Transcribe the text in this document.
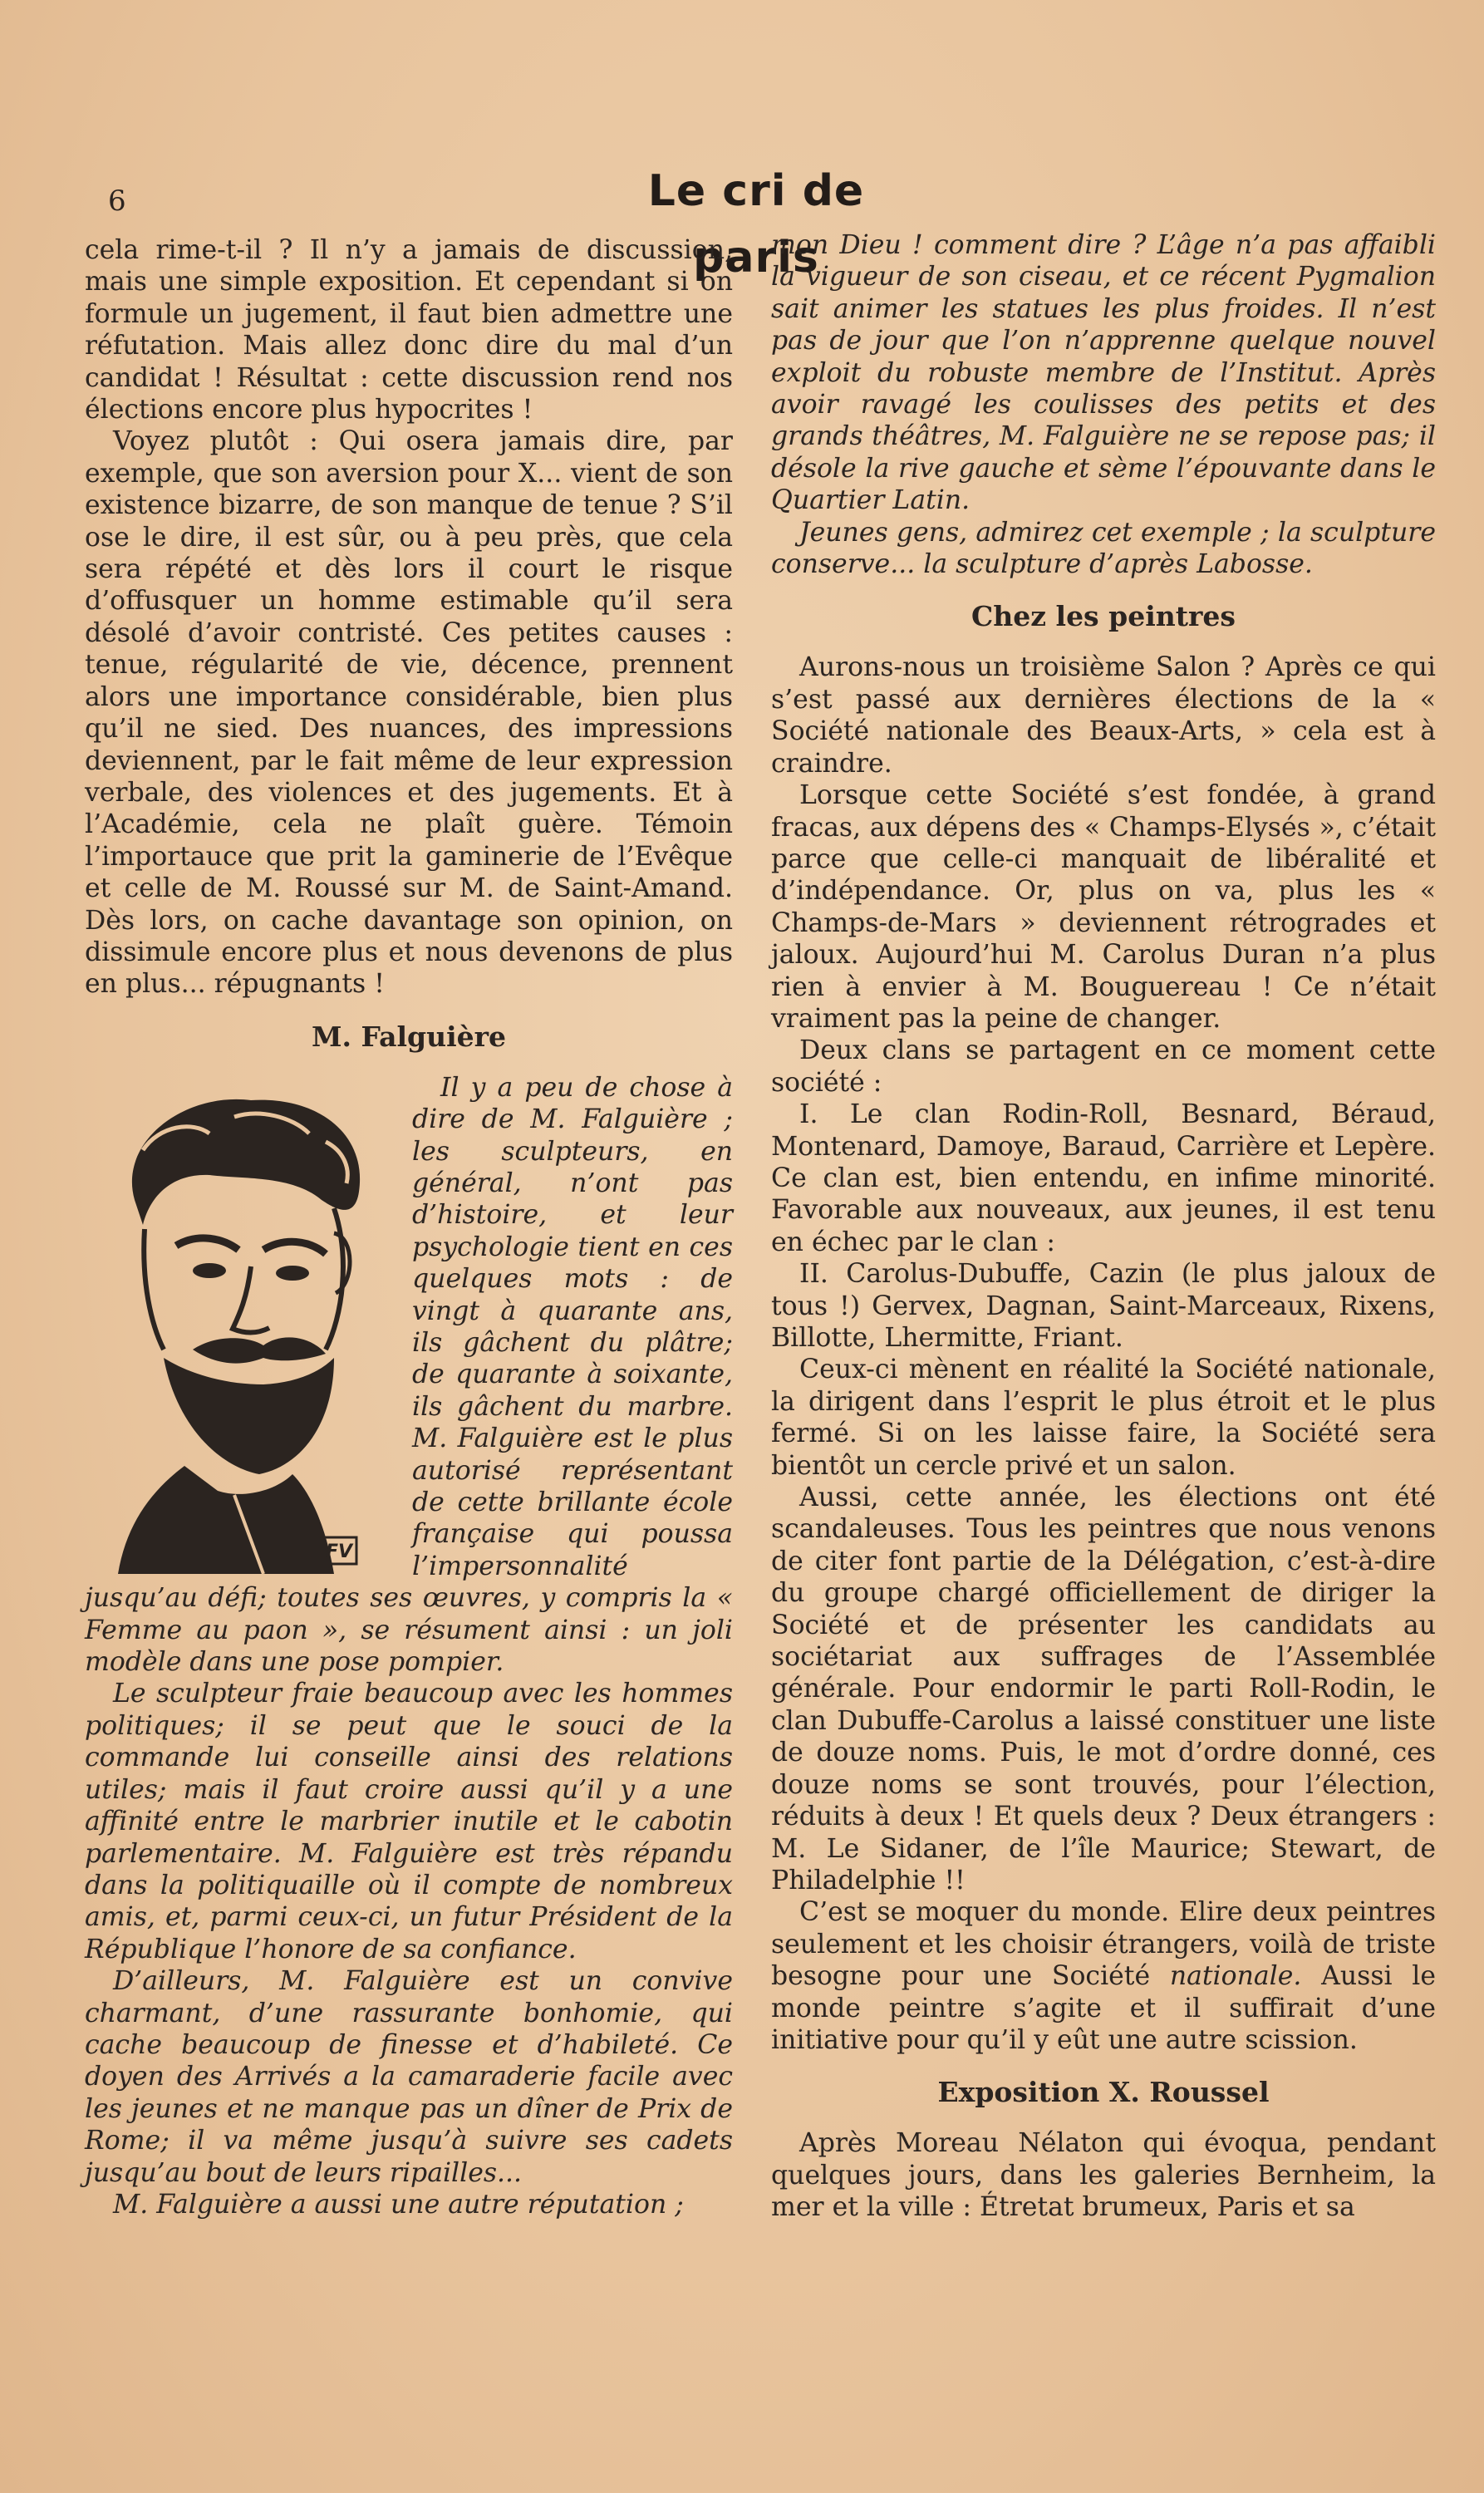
6	Le cri de paris

cela rime-t-il ? Il n’y a jamais de discussion, mais une simple exposition. Et cependant si on formule un jugement, il faut bien admettre une réfutation. Mais allez donc dire du mal d’un candidat ! Résultat : cette discussion rend nos élections encore plus hypocrites !

Voyez plutôt : Qui osera jamais dire, par exemple, que son aversion pour X... vient de son existence bizarre, de son manque de tenue ? S’il ose le dire, il est sûr, ou à peu près, que cela sera répété et dès lors il court le risque d’offusquer un homme estimable qu’il sera désolé d’avoir contristé. Ces petites causes : tenue, régularité de vie, décence, prennent alors une importance considérable, bien plus qu’il ne sied. Des nuances, des impressions deviennent, par le fait même de leur expression verbale, des violences et des jugements. Et à l’Académie, cela ne plaît guère. Témoin l’importauce que prit la gaminerie de l’Evêque et celle de M. Roussé sur M. de Saint-Amand. Dès lors, on cache davantage son opinion, on dissimule encore plus et nous devenons de plus en plus... répugnants !

M. Falguière

FV
Il y a peu de chose à dire de M. Falguière ; les sculpteurs, en général, n’ont pas d’histoire, et leur psychologie tient en ces quelques mots : de vingt à quarante ans, ils gâchent du plâtre; de quarante à soixante, ils gâchent du marbre. M. Falguière est le plus autorisé représentant de cette brillante école française qui poussa l’impersonnalité jusqu’au défi; toutes ses œuvres, y compris la « Femme au paon », se résument ainsi : un joli modèle dans une pose pompier.

Le sculpteur fraie beaucoup avec les hommes politiques; il se peut que le souci de la commande lui conseille ainsi des relations utiles; mais il faut croire aussi qu’il y a une affinité entre le marbrier inutile et le cabotin parlementaire. M. Falguière est très répandu dans la politiquaille où il compte de nombreux amis, et, parmi ceux-ci, un futur Président de la République l’honore de sa confiance.

D’ailleurs, M. Falguière est un convive charmant, d’une rassurante bonhomie, qui cache beaucoup de finesse et d’habileté. Ce doyen des Arrivés a la camaraderie facile avec les jeunes et ne manque pas un dîner de Prix de Rome; il va même jusqu’à suivre ses cadets jusqu’au bout de leurs ripailles...

M. Falguière a aussi une autre réputation ;

mon Dieu ! comment dire ? L’âge n’a pas affaibli la vigueur de son ciseau, et ce récent Pygmalion sait animer les statues les plus froides. Il n’est pas de jour que l’on n’apprenne quelque nouvel exploit du robuste membre de l’Institut. Après avoir ravagé les coulisses des petits et des grands théâtres, M. Falguière ne se repose pas; il désole la rive gauche et sème l’épouvante dans le Quartier Latin.

Jeunes gens, admirez cet exemple ; la sculpture conserve... la sculpture d’après Labosse.

Chez les peintres

Aurons-nous un troisième Salon ? Après ce qui s’est passé aux dernières élections de la « Société nationale des Beaux-Arts, » cela est à craindre.

Lorsque cette Société s’est fondée, à grand fracas, aux dépens des « Champs-Elysés », c’était parce que celle-ci manquait de libéralité et d’indépendance. Or, plus on va, plus les « Champs-de-Mars » deviennent rétrogrades et jaloux. Aujourd’hui M. Carolus Duran n’a plus rien à envier à M. Bouguereau ! Ce n’était vraiment pas la peine de changer.

Deux clans se partagent en ce moment cette société :

I. Le clan Rodin-Roll, Besnard, Béraud, Montenard, Damoye, Baraud, Carrière et Lepère. Ce clan est, bien entendu, en infime minorité. Favorable aux nouveaux, aux jeunes, il est tenu en échec par le clan :

II. Carolus-Dubuffe, Cazin (le plus jaloux de tous !) Gervex, Dagnan, Saint-Marceaux, Rixens, Billotte, Lhermitte, Friant.

Ceux-ci mènent en réalité la Société nationale, la dirigent dans l’esprit le plus étroit et le plus fermé. Si on les laisse faire, la Société sera bientôt un cercle privé et un salon.

Aussi, cette année, les élections ont été scandaleuses. Tous les peintres que nous venons de citer font partie de la Délégation, c’est-à-dire du groupe chargé officiellement de diriger la Société et de présenter les candidats au sociétariat aux suffrages de l’Assemblée générale. Pour endormir le parti Roll-Rodin, le clan Dubuffe-Carolus a laissé constituer une liste de douze noms. Puis, le mot d’ordre donné, ces douze noms se sont trouvés, pour l’élection, réduits à deux ! Et quels deux ? Deux étrangers : M. Le Sidaner, de l’île Maurice; Stewart, de Philadelphie !!

C’est se moquer du monde. Elire deux peintres seulement et les choisir étrangers, voilà de triste besogne pour une Société nationale. Aussi le monde peintre s’agite et il suffirait d’une initiative pour qu’il y eût une autre scission.

Exposition X. Roussel

Après Moreau Nélaton qui évoqua, pendant quelques jours, dans les galeries Bernheim, la mer et la ville : Étretat brumeux, Paris et sa
